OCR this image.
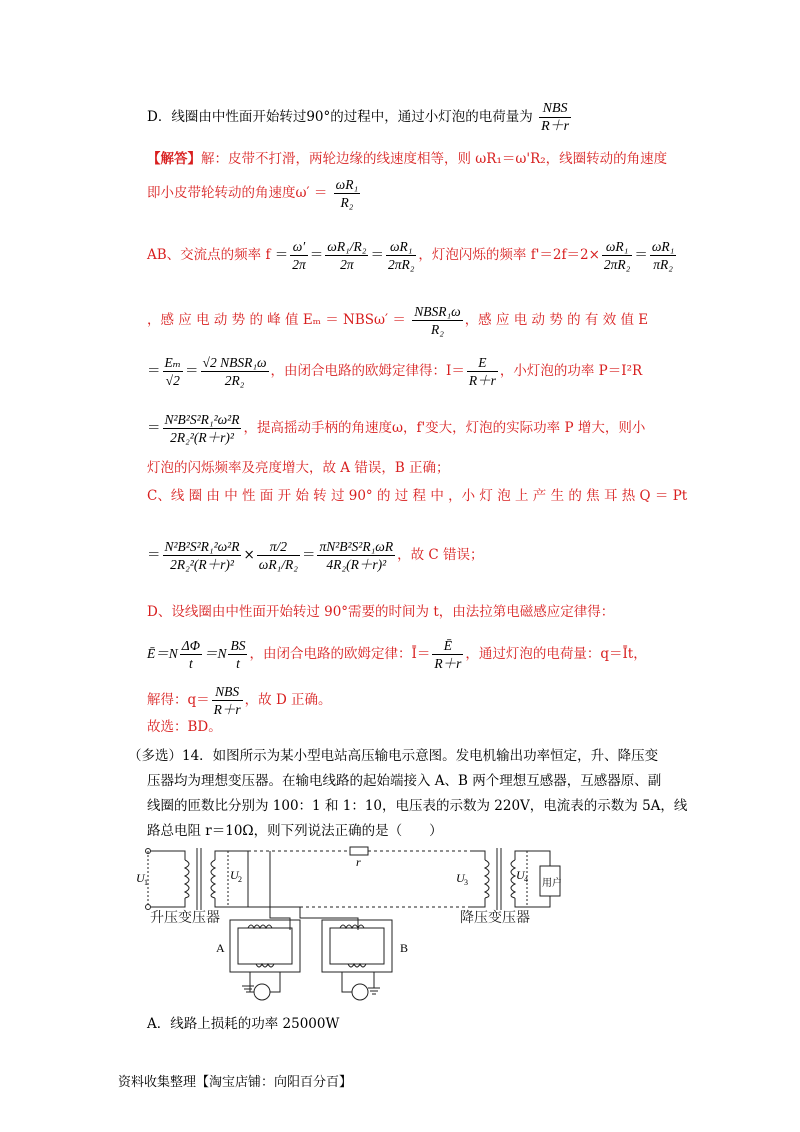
D．线圈由中性面开始转过90°的过程中，通过小灯泡的电荷量为 $\frac{\text{NBS}}{R+r}$
【解答】解：皮带不打滑，两轮边缘的线速度相等，则 ωR₁＝ω'R₂，线圈转动的角速度
即小皮带轮转动的角速度$\omega' = \frac{\text{ωR₁}}{\text{R₂}}$
AB、交流点的频率 $f = \frac{\omega'}{2\pi} = \frac{\text{ωR₁/R₂}}{2\pi} = \frac{\text{ωR₁}}{\text{2πR₂}}$ ，灯泡闪烁的频率 $f'=2f=2\times \frac{\text{ωR₁}}{\text{2πR₂}} = \frac{\text{ωR₁}}{\text{πR₂}}$
，感 应 电 动 势 的 峰 值 $E_m = NBS\omega' = \frac{\text{NBSR₁ω}}{\text{R₂}}$ ，感 应 电 动 势 的 有 效 值 E
＝ $\frac{\text{Eₘ}}{√2} = \frac{\text{√2 NBSR₁ω}}{\text{2R₂}}$ ，由闭合电路的欧姆定律得：$I= \frac{E}{R+r}$ ，小灯泡的功率 P＝I²R
＝ $\frac{\text{N²B²S²R₁²ω²R}}{\text{2R₂²(R＋r)²}}$ ，提高摇动手柄的角速度ω，f'变大，灯泡的实际功率 P 增大，则小
灯泡的闪烁频率及亮度增大，故 A 错误，B 正确；
C、线 圈 由 中 性 面 开 始 转 过 90° 的 过 程 中 ，小 灯 泡 上 产 生 的 焦 耳 热 Q ＝ Pt
＝ $\frac{\text{N²B²S²R₁²ω²R}}{\text{2R₂²(R＋r)²}} \times \frac{\pi/2}{\text{ωR₁/R₂}} = \frac{\text{πN²B²S²R₁ωR}}{\text{4R₂(R＋r)²}}$ ，故 C 错误；
D、设线圈由中性面开始转过 90°需要的时间为 t，由法拉第电磁感应定律得：
Ē＝N $\frac{\Delta\Phi}{t} =N \frac{BS}{t}$ ，由闭合电路的欧姆定律：Ī＝ $\frac{Ē}{R+r}$ ，通过灯泡的电荷量：q＝Īt，
解得：$q= \frac{\text{NBS}}{R+r}$ ，故 D 正确。
故选：BD。
（多选）14．如图所示为某小型电站高压输电示意图。发电机输出功率恒定，升、降压变
压器均为理想变压器。在输电线路的起始端接入 A、B 两个理想互感器，互感器原、副
线圈的匝数比分别为 100：1 和 1：10，电压表的示数为 220V，电流表的示数为 5A，线
路总电阻 r＝10Ω，则下列说法正确的是（　　）
U 1
U 2
r
U 3
U 4 用户
升压变压器	降压变压器
A	B
A．线路上损耗的功率 25000W
资料收集整理【淘宝店铺：向阳百分百】
